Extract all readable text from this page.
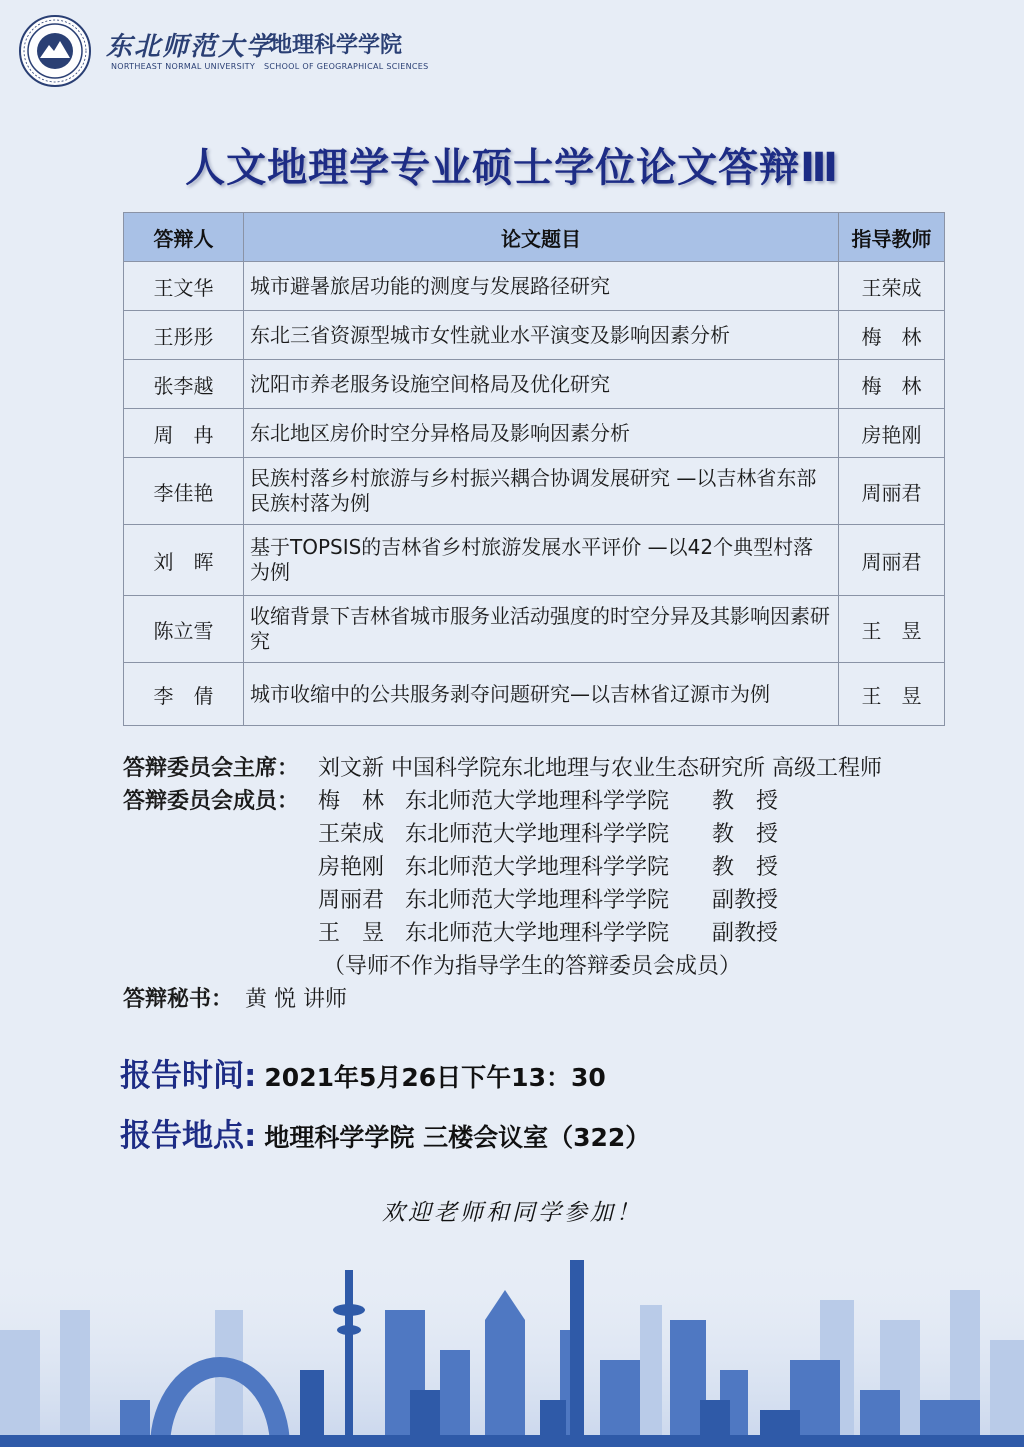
东北师范大学
地理科学学院
NORTHEAST NORMAL UNIVERSITY SCHOOL OF GEOGRAPHICAL SCIENCES
人文地理学专业硕士学位论文答辩Ⅲ
答辩人	论文题目	指导教师
王文华	城市避暑旅居功能的测度与发展路径研究	王荣成
王彤彤	东北三省资源型城市女性就业水平演变及影响因素分析	梅　林
张李越	沈阳市养老服务设施空间格局及优化研究	梅　林
周　冉	东北地区房价时空分异格局及影响因素分析	房艳刚
李佳艳	民族村落乡村旅游与乡村振兴耦合协调发展研究 —以吉林省东部民族村落为例	周丽君
刘　晖	基于TOPSIS的吉林省乡村旅游发展水平评价 —以42个典型村落为例	周丽君
陈立雪	收缩背景下吉林省城市服务业活动强度的时空分异及其影响因素研究	王　昱
李　倩	城市收缩中的公共服务剥夺问题研究—以吉林省辽源市为例	王　昱
答辩委员会主席： 刘文新 中国科学院东北地理与农业生态研究所 高级工程师
答辩委员会成员： 梅　林 东北师范大学地理科学学院 教　授
王荣成 东北师范大学地理科学学院 教　授
房艳刚 东北师范大学地理科学学院 教　授
周丽君 东北师范大学地理科学学院 副教授
王　昱 东北师范大学地理科学学院 副教授
（导师不作为指导学生的答辩委员会成员）
答辩秘书： 黄 悦 讲师
报告时间: 2021年5月26日下午13：30
报告地点: 地理科学学院 三楼会议室（322）
欢迎老师和同学参加！
